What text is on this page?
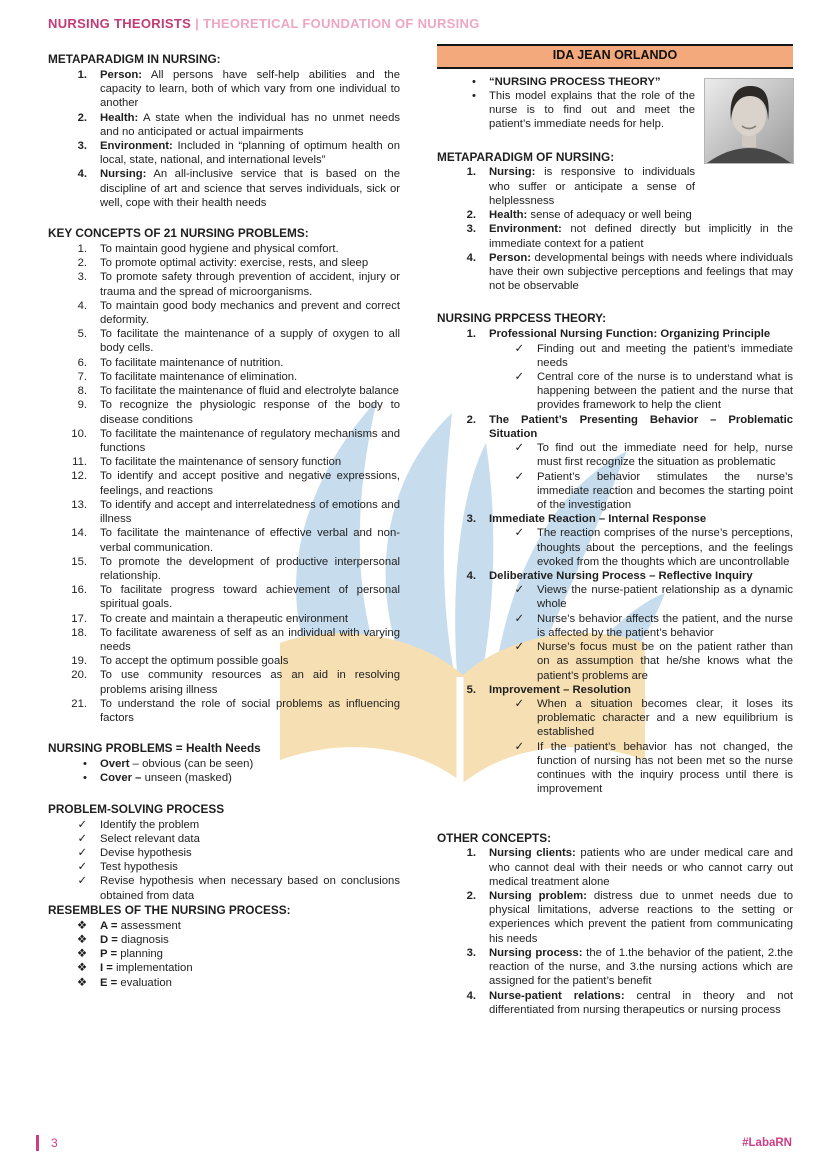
NURSING THEORISTS | THEORETICAL FOUNDATION OF NURSING
METAPARADIGM IN NURSING:
1.	Person: All persons have self-help abilities and the capacity to learn, both of which vary from one individual to another
2.	Health: A state when the individual has no unmet needs and no anticipated or actual impairments
3.	Environment: Included in “planning of optimum health on local, state, national, and international levels”
4.	Nursing: An all-inclusive service that is based on the discipline of art and science that serves individuals, sick or well, cope with their health needs
KEY CONCEPTS OF 21 NURSING PROBLEMS:
1.	To maintain good hygiene and physical comfort.
2.	To promote optimal activity: exercise, rests, and sleep
3.	To promote safety through prevention of accident, injury or trauma and the spread of microorganisms.
4.	To maintain good body mechanics and prevent and correct deformity.
5.	To facilitate the maintenance of a supply of oxygen to all body cells.
6.	To facilitate maintenance of nutrition.
7.	To facilitate maintenance of elimination.
8.	To facilitate the maintenance of fluid and electrolyte balance
9.	To recognize the physiologic response of the body to disease conditions
10.	To facilitate the maintenance of regulatory mechanisms and functions
11.	To facilitate the maintenance of sensory function
12.	To identify and accept positive and negative expressions, feelings, and reactions
13.	To identify and accept and interrelatedness of emotions and illness
14.	To facilitate the maintenance of effective verbal and non-verbal communication.
15.	To promote the development of productive interpersonal relationship.
16.	To facilitate progress toward achievement of personal spiritual goals.
17.	To create and maintain a therapeutic environment
18.	To facilitate awareness of self as an individual with varying needs
19.	To accept the optimum possible goals
20.	To use community resources as an aid in resolving problems arising illness
21.	To understand the role of social problems as influencing factors
NURSING PROBLEMS = Health Needs
•	Overt – obvious (can be seen)
•	Cover – unseen (masked)
PROBLEM-SOLVING PROCESS
✓	Identify the problem
✓	Select relevant data
✓	Devise hypothesis
✓	Test hypothesis
✓	Revise hypothesis when necessary based on conclusions obtained from data
RESEMBLES OF THE NURSING PROCESS:
❖	A = assessment
❖	D = diagnosis
❖	P = planning
❖	I = implementation
❖	E = evaluation
IDA JEAN ORLANDO
•	“NURSING PROCESS THEORY”
•	This model explains that the role of the nurse is to find out and meet the patient’s immediate needs for help.
METAPARADIGM OF NURSING:
1.	Nursing: is responsive to individuals who suffer or anticipate a sense of helplessness
2.	Health: sense of adequacy or well being
3.	Environment: not defined directly but implicitly in the immediate context for a patient
4.	Person: developmental beings with needs where individuals have their own subjective perceptions and feelings that may not be observable
NURSING PRPCESS THEORY:
1.	Professional Nursing Function: Organizing Principle
✓	Finding out and meeting the patient’s immediate needs
✓	Central core of the nurse is to understand what is happening between the patient and the nurse that provides framework to help the client
2.	The Patient’s Presenting Behavior – Problematic Situation
✓	To find out the immediate need for help, nurse must first recognize the situation as problematic
✓	Patient’s behavior stimulates the nurse’s immediate reaction and becomes the starting point of the investigation
3.	Immediate Reaction – Internal Response
✓	The reaction comprises of the nurse’s perceptions, thoughts about the perceptions, and the feelings evoked from the thoughts which are uncontrollable
4.	Deliberative Nursing Process – Reflective Inquiry
✓	Views the nurse-patient relationship as a dynamic whole
✓	Nurse’s behavior affects the patient, and the nurse is affected by the patient’s behavior
✓	Nurse’s focus must be on the patient rather than on as assumption that he/she knows what the patient’s problems are
5.	Improvement – Resolution
✓	When a situation becomes clear, it loses its problematic character and a new equilibrium is established
✓	If the patient’s behavior has not changed, the function of nursing has not been met so the nurse continues with the inquiry process until there is improvement
OTHER CONCEPTS:
1.	Nursing clients: patients who are under medical care and who cannot deal with their needs or who cannot carry out medical treatment alone
2.	Nursing problem: distress due to unmet needs due to physical limitations, adverse reactions to the setting or experiences which prevent the patient from communicating his needs
3.	Nursing process: the of 1.the behavior of the patient, 2.the reaction of the nurse, and 3.the nursing actions which are assigned for the patient’s benefit
4.	Nurse-patient relations: central in theory and not differentiated from nursing therapeutics or nursing process
3	#LabaRN
